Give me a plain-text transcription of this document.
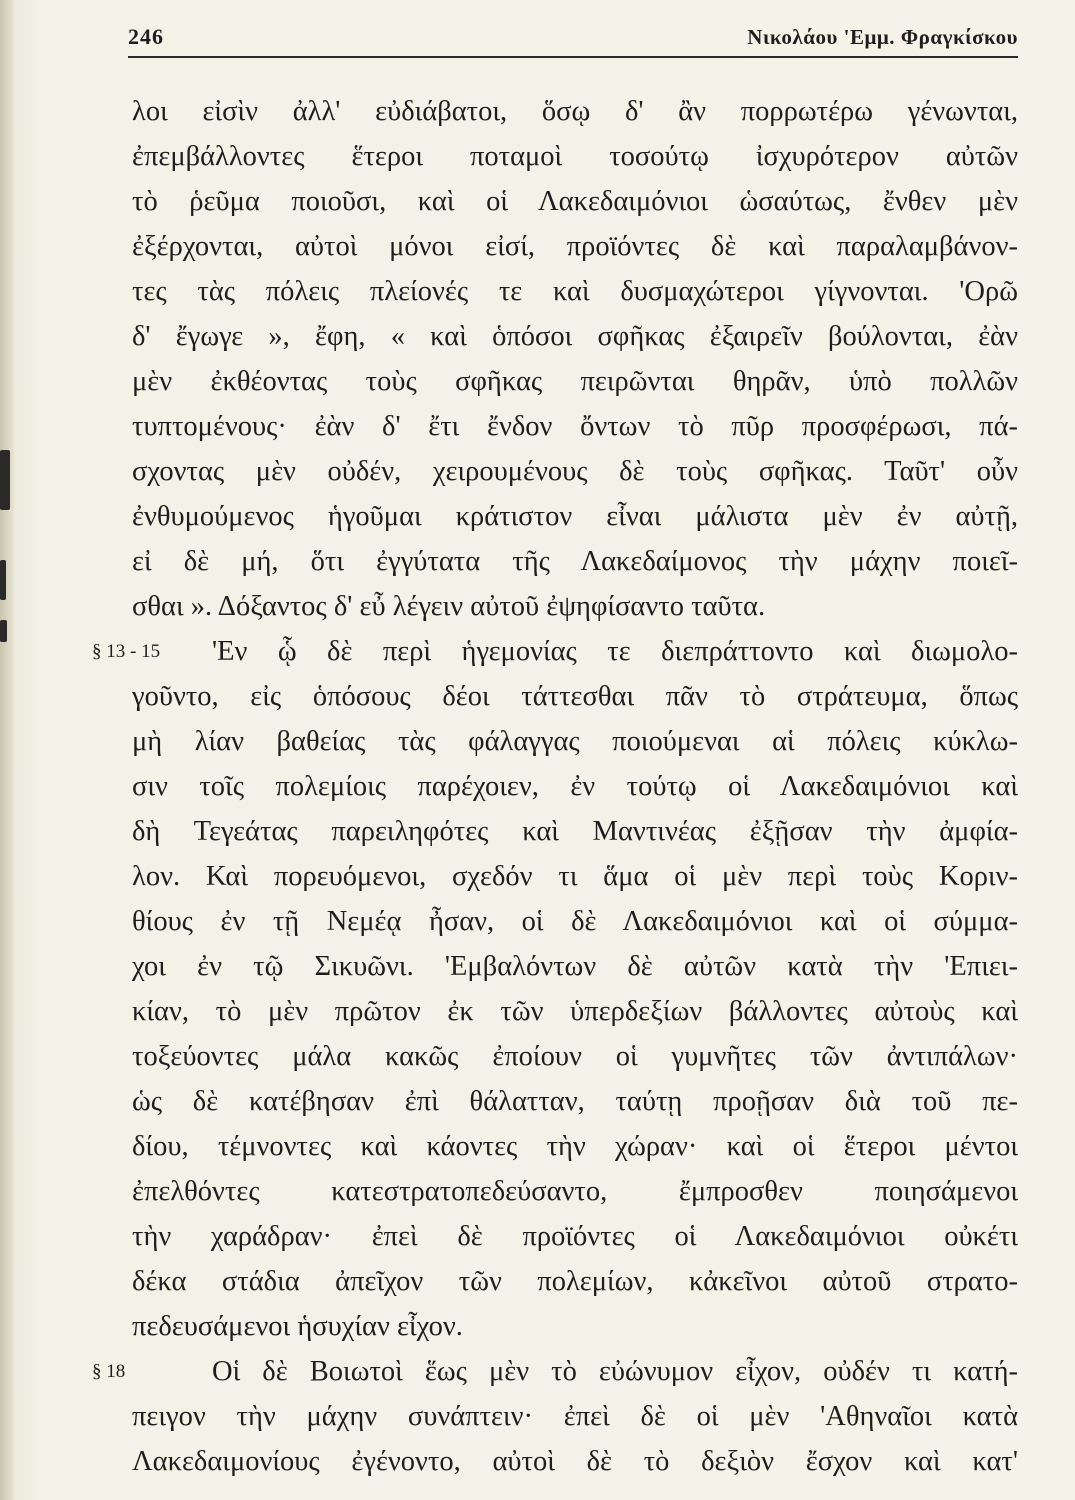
246	Νικολάου 'Εμμ. Φραγκίσκου
λοι εἰσὶν ἀλλ' εὐδιάβατοι, ὅσῳ δ' ἂν πορρωτέρω γένωνται,
ἐπεμβάλλοντες ἕτεροι ποταμοὶ τοσούτῳ ἰσχυρότερον αὐτῶν
τὸ ῥεῦμα ποιοῦσι, καὶ οἱ Λακεδαιμόνιοι ὡσαύτως, ἔνθεν μὲν
ἐξέρχονται, αὐτοὶ μόνοι εἰσί, προϊόντες δὲ καὶ παραλαμβάνον-
τες τὰς πόλεις πλείονές τε καὶ δυσμαχώτεροι γίγνονται. 'Ορῶ
δ' ἔγωγε », ἔφη, « καὶ ὁπόσοι σφῆκας ἐξαιρεῖν βούλονται, ἐὰν
μὲν ἐκθέοντας τοὺς σφῆκας πειρῶνται θηρᾶν, ὑπὸ πολλῶν
τυπτομένους· ἐὰν δ' ἔτι ἔνδον ὄντων τὸ πῦρ προσφέρωσι, πά-
σχοντας μὲν οὐδέν, χειρουμένους δὲ τοὺς σφῆκας. Ταῦτ' οὖν
ἐνθυμούμενος ἡγοῦμαι κράτιστον εἶναι μάλιστα μὲν ἐν αὐτῇ,
εἰ δὲ μή, ὅτι ἐγγύτατα τῆς Λακεδαίμονος τὴν μάχην ποιεῖ-
σθαι ». Δόξαντος δ' εὖ λέγειν αὐτοῦ ἐψηφίσαντο ταῦτα.
§ 13 - 15 'Εν ᾧ δὲ περὶ ἡγεμονίας τε διεπράττοντο καὶ διωμολο-
γοῦντο, εἰς ὁπόσους δέοι τάττεσθαι πᾶν τὸ στράτευμα, ὅπως
μὴ λίαν βαθείας τὰς φάλαγγας ποιούμεναι αἱ πόλεις κύκλω-
σιν τοῖς πολεμίοις παρέχοιεν, ἐν τούτῳ οἱ Λακεδαιμόνιοι καὶ
δὴ Τεγεάτας παρειληφότες καὶ Μαντινέας ἐξῇσαν τὴν ἀμφία-
λον. Καὶ πορευόμενοι, σχεδόν τι ἅμα οἱ μὲν περὶ τοὺς Κοριν-
θίους ἐν τῇ Νεμέᾳ ἦσαν, οἱ δὲ Λακεδαιμόνιοι καὶ οἱ σύμμα-
χοι ἐν τῷ Σικυῶνι. 'Εμβαλόντων δὲ αὐτῶν κατὰ τὴν 'Επιει-
κίαν, τὸ μὲν πρῶτον ἐκ τῶν ὑπερδεξίων βάλλοντες αὐτοὺς καὶ
τοξεύοντες μάλα κακῶς ἐποίουν οἱ γυμνῆτες τῶν ἀντιπάλων·
ὡς δὲ κατέβησαν ἐπὶ θάλατταν, ταύτῃ προῇσαν διὰ τοῦ πε-
δίου, τέμνοντες καὶ κάοντες τὴν χώραν· καὶ οἱ ἕτεροι μέντοι
ἐπελθόντες κατεστρατοπεδεύσαντο, ἔμπροσθεν ποιησάμενοι
τὴν χαράδραν· ἐπεὶ δὲ προϊόντες οἱ Λακεδαιμόνιοι οὐκέτι
δέκα στάδια ἀπεῖχον τῶν πολεμίων, κἀκεῖνοι αὐτοῦ στρατο-
πεδευσάμενοι ἡσυχίαν εἶχον.
§ 18	Οἱ δὲ Βοιωτοὶ ἕως μὲν τὸ εὐώνυμον εἶχον, οὐδέν τι κατή-
πειγον τὴν μάχην συνάπτειν· ἐπεὶ δὲ οἱ μὲν 'Αθηναῖοι κατὰ
Λακεδαιμονίους ἐγένοντο, αὐτοὶ δὲ τὸ δεξιὸν ἔσχον καὶ κατ'
